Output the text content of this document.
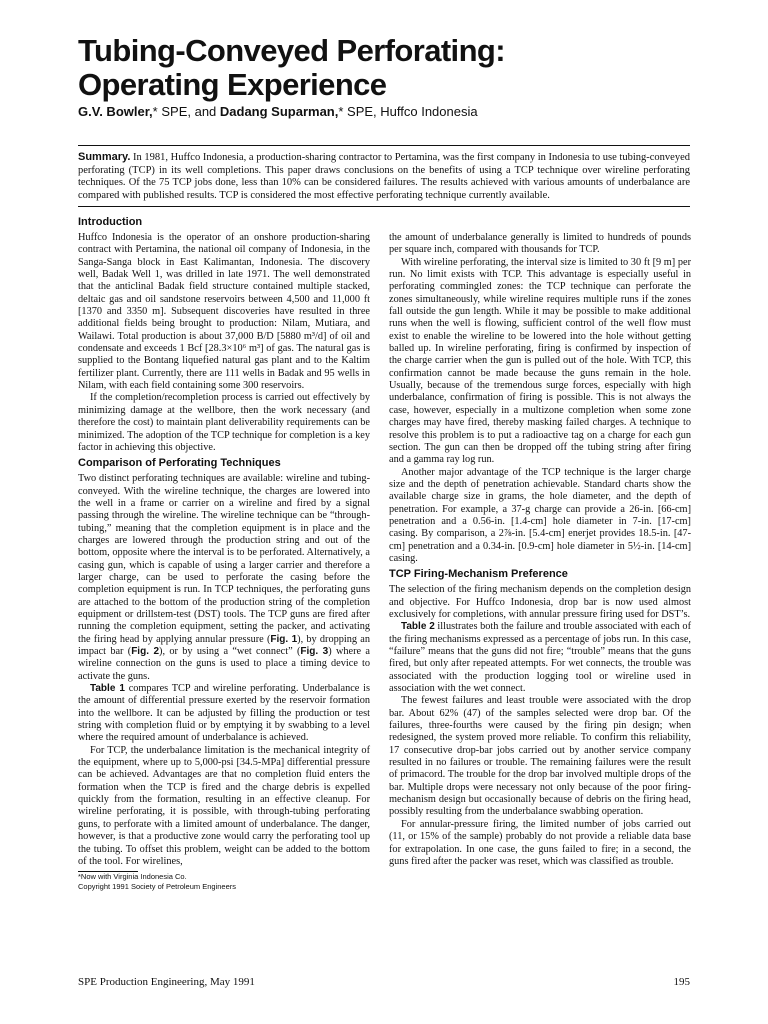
Tubing-Conveyed Perforating:
Operating Experience

G.V. Bowler,* SPE, and Dadang Suparman,* SPE, Huffco Indonesia

Summary. In 1981, Huffco Indonesia, a production-sharing contractor to Pertamina, was the first company in Indonesia to use tubing-conveyed perforating (TCP) in its well completions. This paper draws conclusions on the benefits of using a TCP technique over wireline perforating techniques. Of the 75 TCP jobs done, less than 10% can be considered failures. The results achieved with various amounts of underbalance are compared with published results. TCP is considered the most effective perforating technique currently available.

Introduction

Huffco Indonesia is the operator of an onshore production-sharing contract with Pertamina, the national oil company of Indonesia, in the Sanga-Sanga block in East Kalimantan, Indonesia. The discovery well, Badak Well 1, was drilled in late 1971. The well demonstrated that the anticlinal Badak field structure contained multiple stacked, deltaic gas and oil sandstone reservoirs between 4,500 and 11,000 ft [1370 and 3350 m]. Subsequent discoveries have resulted in three additional fields being brought to production: Nilam, Mutiara, and Wailawi. Total production is about 37,000 B/D [5880 m³/d] of oil and condensate and exceeds 1 Bcf [28.3×10⁶ m³] of gas. The natural gas is supplied to the Bontang liquefied natural gas plant and to the Kaltim fertilizer plant. Currently, there are 111 wells in Badak and 95 wells in Nilam, with each field containing some 300 reservoirs.

If the completion/recompletion process is carried out effectively by minimizing damage at the wellbore, then the work necessary (and therefore the cost) to maintain plant deliverability requirements can be minimized. The adoption of the TCP technique for completion is a key factor in achieving this objective.

Comparison of Perforating Techniques

Two distinct perforating techniques are available: wireline and tubing-conveyed. With the wireline technique, the charges are lowered into the well in a frame or carrier on a wireline and fired by a signal passing through the wireline. The wireline technique can be “through-tubing,” meaning that the completion equipment is in place and the charges are lowered through the production string and out of the bottom, opposite where the interval is to be perforated. Alternatively, a casing gun, which is capable of using a larger carrier and therefore a larger charge, can be used to perforate the casing before the completion equipment is run. In TCP techniques, the perforating guns are attached to the bottom of the production string of the completion equipment or drillstem-test (DST) tools. The TCP guns are fired after running the completion equipment, setting the packer, and activating the firing head by applying annular pressure (Fig. 1), by dropping an impact bar (Fig. 2), or by using a “wet connect” (Fig. 3) where a wireline connection on the guns is used to place a timing device to activate the guns.

Table 1 compares TCP and wireline perforating. Underbalance is the amount of differential pressure exerted by the reservoir formation into the wellbore. It can be adjusted by filling the production or test string with completion fluid or by emptying it by swabbing to a level where the required amount of underbalance is achieved.

For TCP, the underbalance limitation is the mechanical integrity of the equipment, where up to 5,000-psi [34.5-MPa] differential pressure can be achieved. Advantages are that no completion fluid enters the formation when the TCP is fired and the charge debris is expelled quickly from the formation, resulting in an effective cleanup. For wireline perforating, it is possible, with through-tubing perforating guns, to perforate with a limited amount of underbalance. The danger, however, is that a productive zone would carry the perforating tool up the tubing. To offset this problem, weight can be added to the bottom of the tool. For wirelines,

*Now with Virginia Indonesia Co.

Copyright 1991 Society of Petroleum Engineers

the amount of underbalance generally is limited to hundreds of pounds per square inch, compared with thousands for TCP.

With wireline perforating, the interval size is limited to 30 ft [9 m] per run. No limit exists with TCP. This advantage is especially useful in perforating commingled zones: the TCP technique can perforate the zones simultaneously, while wireline requires multiple runs if the zones fall outside the gun length. While it may be possible to make additional runs when the well is flowing, sufficient control of the well flow must exist to enable the wireline to be lowered into the hole without getting balled up. In wireline perforating, firing is confirmed by inspection of the charge carrier when the gun is pulled out of the hole. With TCP, this confirmation cannot be made because the guns remain in the hole. Usually, because of the tremendous surge forces, especially with high underbalance, confirmation of firing is possible. This is not always the case, however, especially in a multizone completion when some zone charges may have fired, thereby masking failed charges. A technique to resolve this problem is to put a radioactive tag on a charge for each gun section. The gun can then be dropped off the tubing string after firing and a gamma ray log run.

Another major advantage of the TCP technique is the larger charge size and the depth of penetration achievable. Standard charts show the available charge size in grams, the hole diameter, and the depth of penetration. For example, a 37-g charge can provide a 26-in. [66-cm] penetration and a 0.56-in. [1.4-cm] hole diameter in 7-in. [17-cm] casing. By comparison, a 2⅞-in. [5.4-cm] enerjet provides 18.5-in. [47-cm] penetration and a 0.34-in. [0.9-cm] hole diameter in 5½-in. [14-cm] casing.

TCP Firing-Mechanism Preference

The selection of the firing mechanism depends on the completion design and objective. For Huffco Indonesia, drop bar is now used almost exclusively for completions, with annular pressure firing used for DST’s.

Table 2 illustrates both the failure and trouble associated with each of the firing mechanisms expressed as a percentage of jobs run. In this case, “failure” means that the guns did not fire; “trouble” means that the guns fired, but only after repeated attempts. For wet connects, the trouble was associated with the production logging tool or wireline used in association with the wet connect.

The fewest failures and least trouble were associated with the drop bar. About 62% (47) of the samples selected were drop bar. Of the failures, three-fourths were caused by the firing pin design; when redesigned, the system proved more reliable. To confirm this reliability, 17 consecutive drop-bar jobs carried out by another service company resulted in no failures or trouble. The remaining failures were the result of primacord. The trouble for the drop bar involved multiple drops of the bar. Multiple drops were necessary not only because of the poor firing-mechanism design but occasionally because of debris on the firing head, possibly resulting from the underbalance swabbing operation.

For annular-pressure firing, the limited number of jobs carried out (11, or 15% of the sample) probably do not provide a reliable data base for extrapolation. In one case, the guns failed to fire; in a second, the guns fired after the packer was reset, which was classified as trouble.

SPE Production Engineering, May 1991	195
